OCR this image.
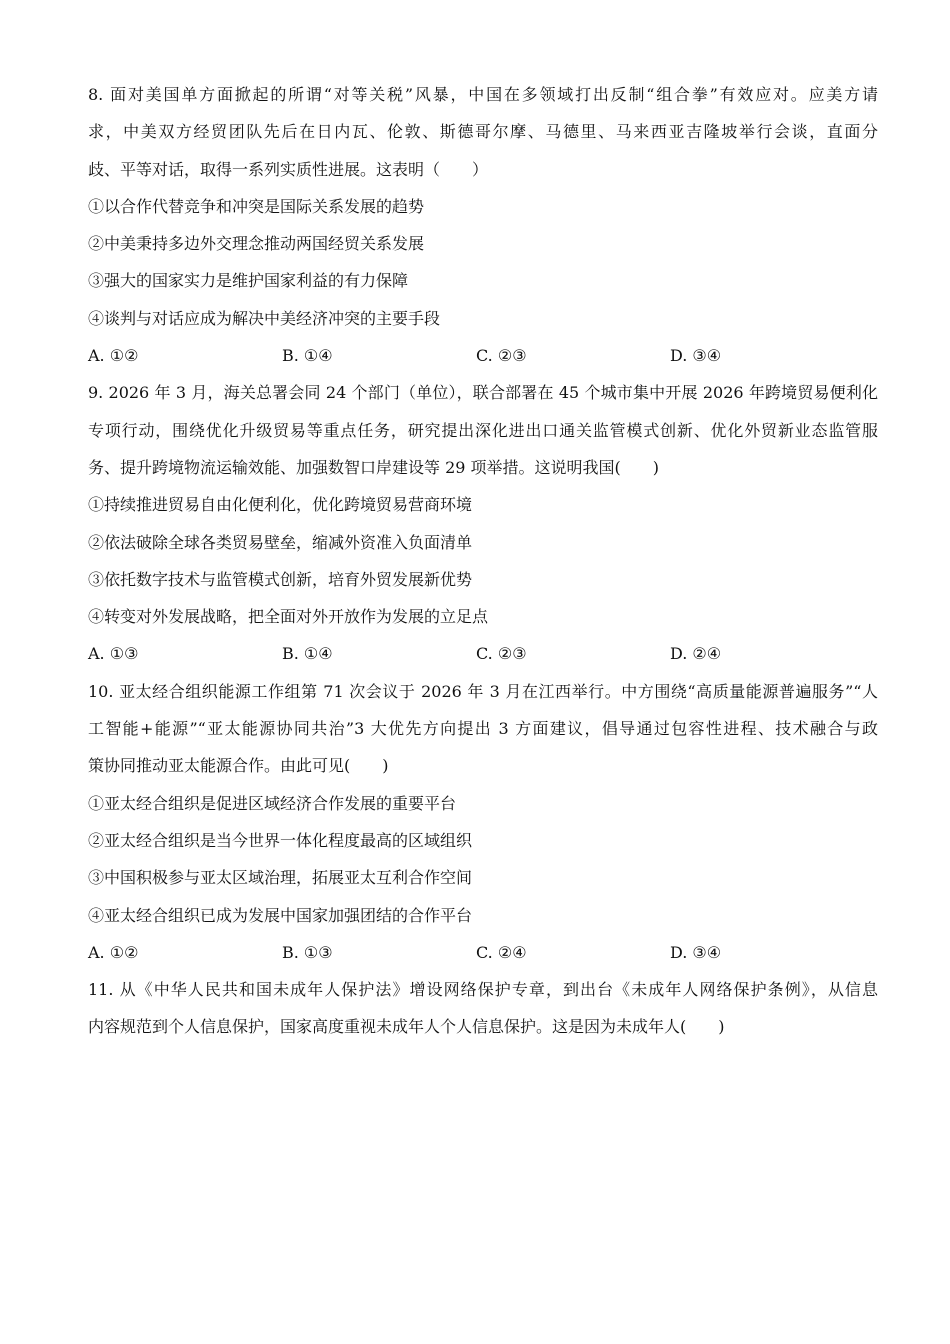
8. 面对美国单方面掀起的所谓“对等关税”风暴，中国在多领域打出反制“组合拳”有效应对。应美方请
求，中美双方经贸团队先后在日内瓦、伦敦、斯德哥尔摩、马德里、马来西亚吉隆坡举行会谈，直面分
歧、平等对话，取得一系列实质性进展。这表明（　　）
①以合作代替竞争和冲突是国际关系发展的趋势
②中美秉持多边外交理念推动两国经贸关系发展
③强大的国家实力是维护国家利益的有力保障
④谈判与对话应成为解决中美经济冲突的主要手段
A. ①②	B. ①④	C. ②③	D. ③④
9. 2026 年 3 月，海关总署会同 24 个部门（单位），联合部署在 45 个城市集中开展 2026 年跨境贸易便利化
专项行动，围绕优化升级贸易等重点任务，研究提出深化进出口通关监管模式创新、优化外贸新业态监管服
务、提升跨境物流运输效能、加强数智口岸建设等 29 项举措。这说明我国(　　)
①持续推进贸易自由化便利化，优化跨境贸易营商环境
②依法破除全球各类贸易壁垒，缩减外资准入负面清单
③依托数字技术与监管模式创新，培育外贸发展新优势
④转变对外发展战略，把全面对外开放作为发展的立足点
A. ①③	B. ①④	C. ②③	D. ②④
10. 亚太经合组织能源工作组第 71 次会议于 2026 年 3 月在江西举行。中方围绕“高质量能源普遍服务”“人
工智能+能源”“亚太能源协同共治”3 大优先方向提出 3 方面建议，倡导通过包容性进程、技术融合与政
策协同推动亚太能源合作。由此可见(　　)
①亚太经合组织是促进区域经济合作发展的重要平台
②亚太经合组织是当今世界一体化程度最高的区域组织
③中国积极参与亚太区域治理，拓展亚太互利合作空间
④亚太经合组织已成为发展中国家加强团结的合作平台
A. ①②	B. ①③	C. ②④	D. ③④
11. 从《中华人民共和国未成年人保护法》增设网络保护专章，到出台《未成年人网络保护条例》，从信息
内容规范到个人信息保护，国家高度重视未成年人个人信息保护。这是因为未成年人(　　)
